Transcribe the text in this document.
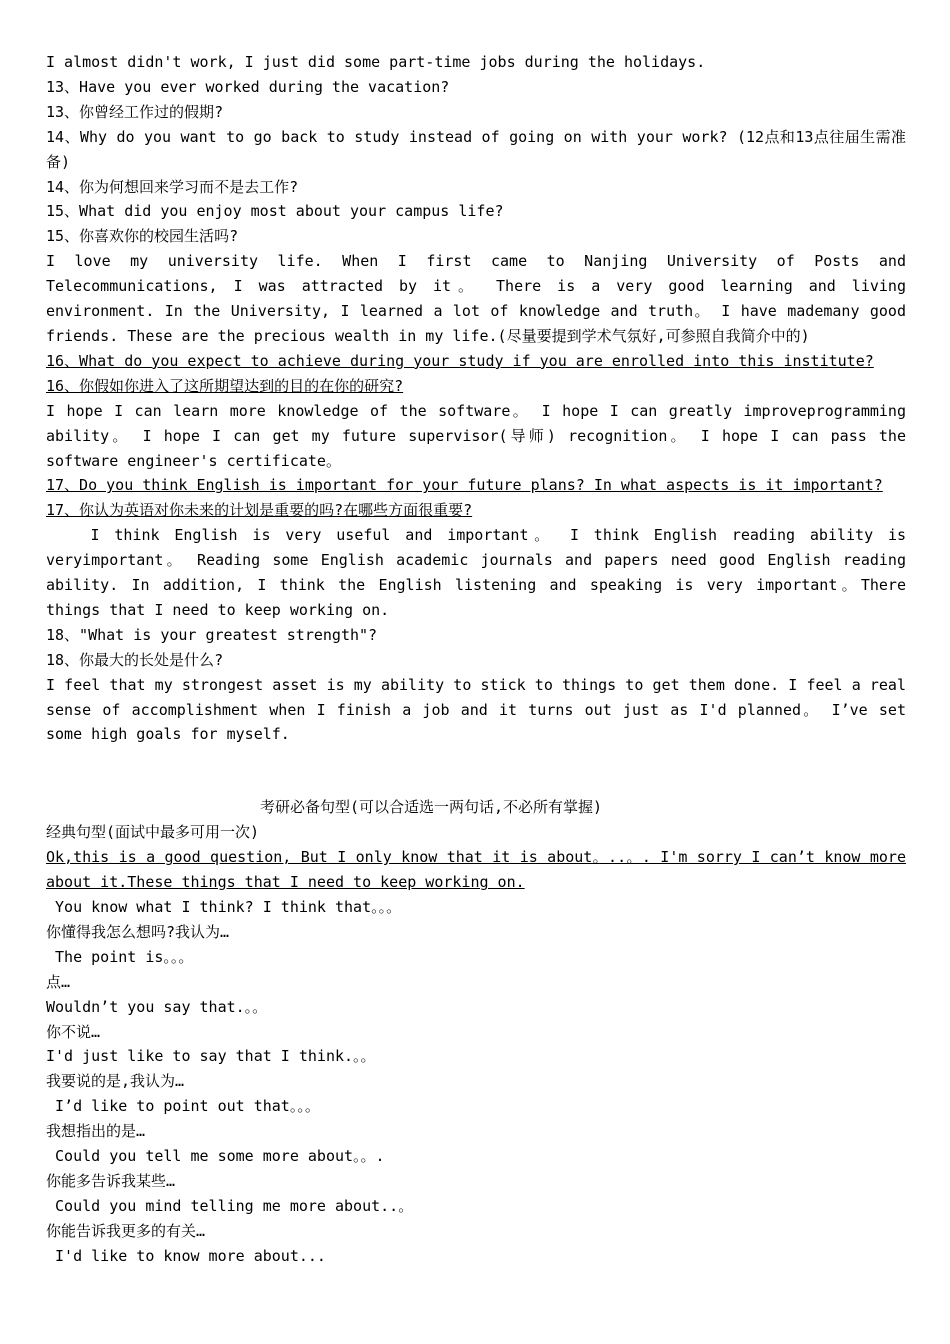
I almost didn't work, I just did some part-time jobs during the holidays.
13、Have you ever worked during the vacation?
13、你曾经工作过的假期?
14、Why do you want to go back to study instead of going on with your work? (12点和13点往届生需准备)
14、你为何想回来学习而不是去工作?
15、What did you enjoy most about your campus life?
15、你喜欢你的校园生活吗?
I love my university life. When I first came to Nanjing University of Posts and Telecommunications, I was attracted by it。 There is a very good learning and living environment. In the University, I learned a lot of knowledge and truth。 I have mademany good friends. These are the precious wealth in my life.(尽量要提到学术气氛好,可参照自我简介中的)
16、What do you expect to achieve during your study if you are enrolled into this institute?
16、你假如你进入了这所期望达到的目的在你的研究?
I hope I can learn more knowledge of the software。 I hope I can greatly improveprogramming ability。 I hope I can get my future supervisor(导师) recognition。 I hope I can pass the software engineer's certificate。
17、Do you think English is important for your future plans? In what aspects is it important?
17、你认为英语对你未来的计划是重要的吗?在哪些方面很重要?
I think English is very useful and important。 I think English reading ability is veryimportant。 Reading some English academic journals and papers need good English reading ability. In addition, I think the English listening and speaking is very important。There things that I need to keep working on.
18、"What is your greatest strength"?
18、你最大的长处是什么?
I feel that my strongest asset is my ability to stick to things to get them done. I feel a real sense of accomplishment when I finish a job and it turns out just as I'd planned。 I’ve set some high goals for myself.
考研必备句型(可以合适选一两句话,不必所有掌握)
经典句型(面试中最多可用一次)
Ok,this is a good question, But I only know that it is about。..。. I'm sorry I can’t know more about it.These things that I need to keep working on.
You know what I think? I think that。。。
你懂得我怎么想吗?我认为…
The point is。。。
点…
Wouldn’t you say that.。。
你不说…
I'd just like to say that I think.。。
我要说的是,我认为…
I’d like to point out that。。。
我想指出的是…
Could you tell me some more about。。.
你能多告诉我某些…
Could you mind telling me more about..。
你能告诉我更多的有关…
I'd like to know more about...
